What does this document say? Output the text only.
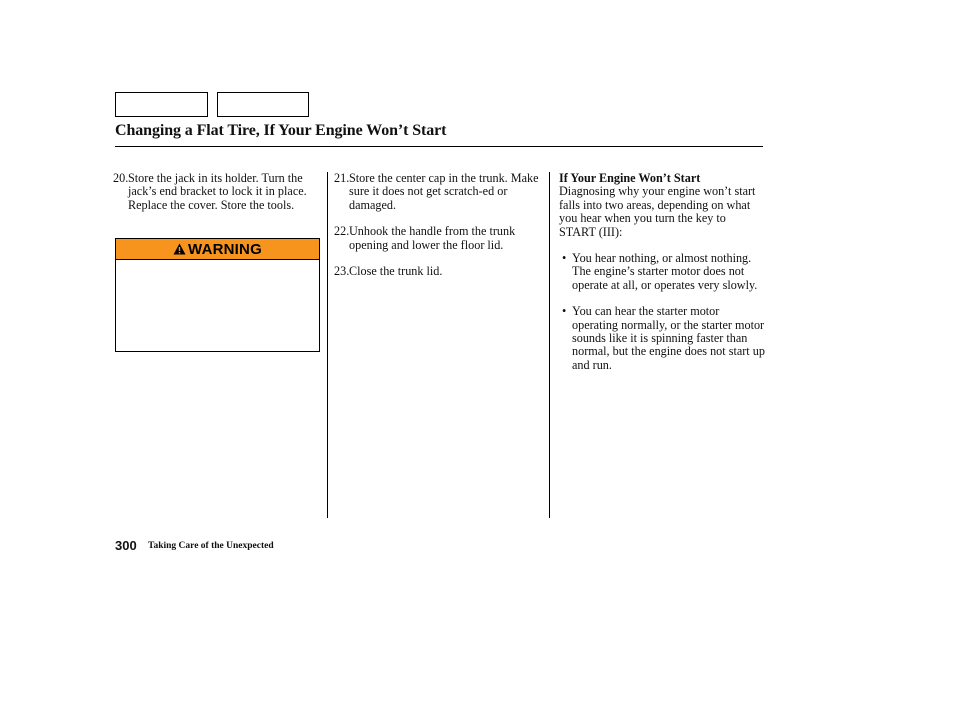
Changing a Flat Tire, If Your Engine Won’t Start

20. Store the jack in its holder. Turn the jack’s end bracket to lock it in place. Replace the cover. Store the tools.

WARNING

21. Store the center cap in the trunk. Make sure it does not get scratch-ed or damaged.

22. Unhook the handle from the trunk opening and lower the floor lid.

23. Close the trunk lid.

If Your Engine Won’t Start

Diagnosing why your engine won’t start falls into two areas, depending on what you hear when you turn the key to START (III):

• You hear nothing, or almost nothing. The engine’s starter motor does not operate at all, or operates very slowly.

• You can hear the starter motor operating normally, or the starter motor sounds like it is spinning faster than normal, but the engine does not start up and run.

300 Taking Care of the Unexpected
